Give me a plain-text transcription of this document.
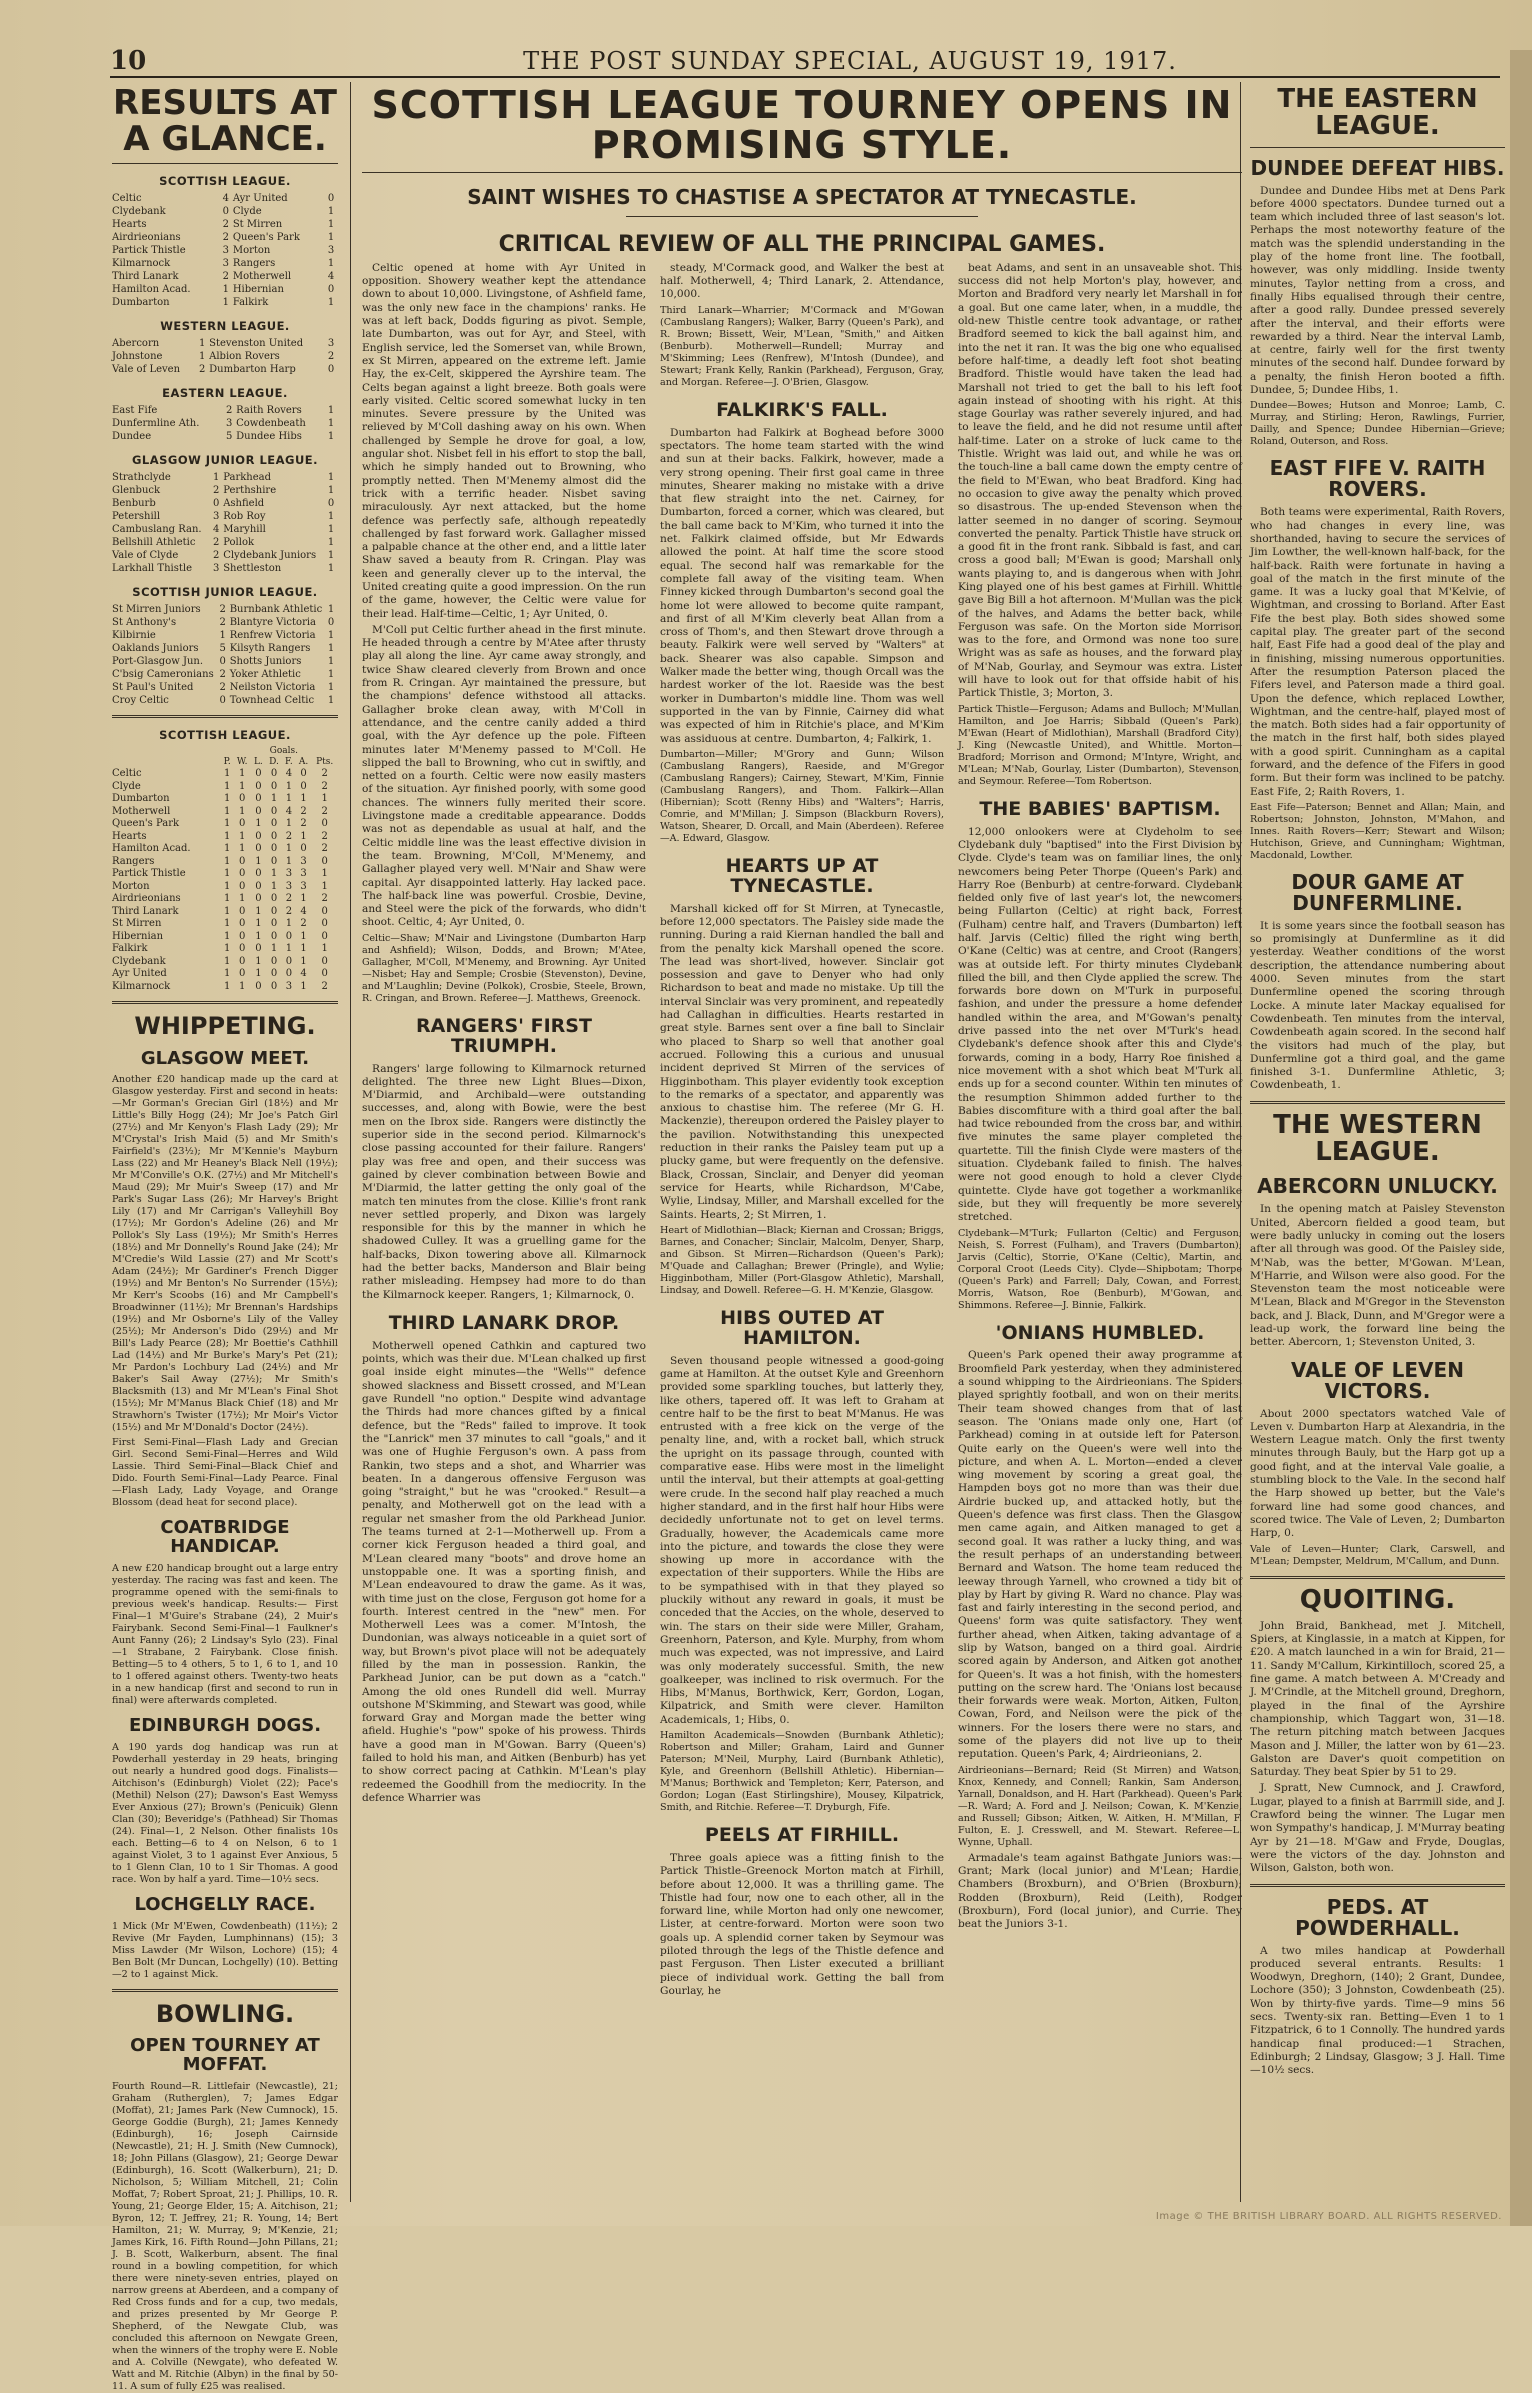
10	THE POST SUNDAY SPECIAL, AUGUST 19, 1917.
RESULTS AT A GLANCE.
SCOTTISH LEAGUE.
Celtic	4	Ayr United	0
Clydebank	0	Clyde	1
Hearts	2	St Mirren	1
Airdrieonians	2	Queen's Park	1
Partick Thistle	3	Morton	3
Kilmarnock	3	Rangers	1
Third Lanark	2	Motherwell	4
Hamilton Acad.	1	Hibernian	0
Dumbarton	1	Falkirk	1
WESTERN LEAGUE.
Abercorn	1	Stevenston United	3
Johnstone	1	Albion Rovers	2
Vale of Leven	2	Dumbarton Harp	0
EASTERN LEAGUE.
East Fife	2	Raith Rovers	1
Dunfermline Ath.	3	Cowdenbeath	1
Dundee	5	Dundee Hibs	1
GLASGOW JUNIOR LEAGUE.
Strathclyde	1	Parkhead	1
Glenbuck	2	Perthshire	1
Benburb	0	Ashfield	0
Petershill	3	Rob Roy	1
Cambuslang Ran.	4	Maryhill	1
Bellshill Athletic	2	Pollok	1
Vale of Clyde	2	Clydebank Juniors	1
Larkhall Thistle	3	Shettleston	1
SCOTTISH JUNIOR LEAGUE.
St Mirren Juniors	2	Burnbank Athletic	1
St Anthony's	2	Blantyre Victoria	0
Kilbirnie	1	Renfrew Victoria	1
Oaklands Juniors	5	Kilsyth Rangers	1
Port-Glasgow Jun.	0	Shotts Juniors	1
C'bsig Cameronians	2	Yoker Athletic	1
St Paul's United	2	Neilston Victoria	1
Croy Celtic	0	Townhead Celtic	1
SCOTTISH LEAGUE.
Goals.
	P.	W.	L.	D.	F.	A.	Pts.
Celtic	1	1	0	0	4	0	2
Clyde	1	1	0	0	1	0	2
Dumbarton	1	0	0	1	1	1	1
Motherwell	1	1	0	0	4	2	2
Queen's Park	1	0	1	0	1	2	0
Hearts	1	1	0	0	2	1	2
Hamilton Acad.	1	1	0	0	1	0	2
Rangers	1	0	1	0	1	3	0
Partick Thistle	1	0	0	1	3	3	1
Morton	1	0	0	1	3	3	1
Airdrieonians	1	1	0	0	2	1	2
Third Lanark	1	0	1	0	2	4	0
St Mirren	1	0	1	0	1	2	0
Hibernian	1	0	1	0	0	1	0
Falkirk	1	0	0	1	1	1	1
Clydebank	1	0	1	0	0	1	0
Ayr United	1	0	1	0	0	4	0
Kilmarnock	1	1	0	0	3	1	2
WHIPPETING.
GLASGOW MEET.

Another £20 handicap made up the card at Glasgow yesterday. First and second in heats:—Mr Gorman's Grecian Girl (18½) and Mr Little's Billy Hogg (24); Mr Joe's Patch Girl (27½) and Mr Kenyon's Flash Lady (29); Mr M'Crystal's Irish Maid (5) and Mr Smith's Fairfield's (23½); Mr M'Kennie's Mayburn Lass (22) and Mr Heaney's Black Nell (19½); Mr M'Conville's O.K. (27½) and Mr Mitchell's Maud (29); Mr Muir's Sweep (17) and Mr Park's Sugar Lass (26); Mr Harvey's Bright Lily (17) and Mr Carrigan's Valleyhill Boy (17½); Mr Gordon's Adeline (26) and Mr Pollok's Sly Lass (19½); Mr Smith's Herres (18½) and Mr Donnelly's Round Jake (24); Mr M'Credie's Wild Lassie (27) and Mr Scott's Adam (24½); Mr Gardiner's French Digger (19½) and Mr Benton's No Surrender (15½); Mr Kerr's Scoobs (16) and Mr Campbell's Broadwinner (11½); Mr Brennan's Hardships (19½) and Mr Osborne's Lily of the Valley (25½); Mr Anderson's Dido (29½) and Mr Bill's Lady Pearce (28); Mr Boettie's Cathhill Lad (14½) and Mr Burke's Mary's Pet (21); Mr Pardon's Lochbury Lad (24½) and Mr Baker's Sail Away (27½); Mr Smith's Blacksmith (13) and Mr M'Lean's Final Shot (15½); Mr M'Manus Black Chief (18) and Mr Strawhorn's Twister (17½); Mr Moir's Victor (15½) and Mr M'Donald's Doctor (24½).

First Semi-Final—Flash Lady and Grecian Girl. Second Semi-Final—Herres and Wild Lassie. Third Semi-Final—Black Chief and Dido. Fourth Semi-Final—Lady Pearce. Final—Flash Lady, Lady Voyage, and Orange Blossom (dead heat for second place).

COATBRIDGE HANDICAP.

A new £20 handicap brought out a large entry yesterday. The racing was fast and keen. The programme opened with the semi-finals to previous week's handicap. Results:— First Final—1 M'Guire's Strabane (24), 2 Muir's Fairybank. Second Semi-Final—1 Faulkner's Aunt Fanny (26); 2 Lindsay's Sylo (23). Final—1 Strabane, 2 Fairybank. Close finish. Betting—5 to 4 others, 5 to 1, 6 to 1, and 10 to 1 offered against others. Twenty-two heats in a new handicap (first and second to run in final) were afterwards completed.

EDINBURGH DOGS.

A 190 yards dog handicap was run at Powderhall yesterday in 29 heats, bringing out nearly a hundred good dogs. Finalists—Aitchison's (Edinburgh) Violet (22); Pace's (Methil) Nelson (27); Dawson's East Wemyss Ever Anxious (27); Brown's (Penicuik) Glenn Clan (30); Beveridge's (Pathhead) Sir Thomas (24). Final—1, 2 Nelson. Other finalists 10s each. Betting—6 to 4 on Nelson, 6 to 1 against Violet, 3 to 1 against Ever Anxious, 5 to 1 Glenn Clan, 10 to 1 Sir Thomas. A good race. Won by half a yard. Time—10½ secs.

LOCHGELLY RACE.

1 Mick (Mr M'Ewen, Cowdenbeath) (11½); 2 Revive (Mr Fayden, Lumphinnans) (15); 3 Miss Lawder (Mr Wilson, Lochore) (15); 4 Ben Bolt (Mr Duncan, Lochgelly) (10). Betting—2 to 1 against Mick.

BOWLING.
OPEN TOURNEY AT MOFFAT.

Fourth Round—R. Littlefair (Newcastle), 21; Graham (Rutherglen), 7; James Edgar (Moffat), 21; James Park (New Cumnock), 15. George Goddie (Burgh), 21; James Kennedy (Edinburgh), 16; Joseph Cairnside (Newcastle), 21; H. J. Smith (New Cumnock), 18; John Pillans (Glasgow), 21; George Dewar (Edinburgh), 16. Scott (Walkerburn), 21; D. Nicholson, 5; William Mitchell, 21; Colin Moffat, 7; Robert Sproat, 21; J. Phillips, 10. R. Young, 21; George Elder, 15; A. Aitchison, 21; Byron, 12; T. Jeffrey, 21; R. Young, 14; Bert Hamilton, 21; W. Murray, 9; M'Kenzie, 21; James Kirk, 16. Fifth Round—John Pillans, 21; J. B. Scott, Walkerburn, absent. The final round in a bowling competition, for which there were ninety-seven entries, played on narrow greens at Aberdeen, and a company of Red Cross funds and for a cup, two medals, and prizes presented by Mr George P. Shepherd, of the Newgate Club, was concluded this afternoon on Newgate Green, when the winners of the trophy were E. Noble and A. Colville (Newgate), who defeated W. Watt and M. Ritchie (Albyn) in the final by 50-11. A sum of fully £25 was realised.

SCOTTISH LEAGUE TOURNEY OPENS IN PROMISING STYLE.
SAINT WISHES TO CHASTISE A SPECTATOR AT TYNECASTLE.
CRITICAL REVIEW OF ALL THE PRINCIPAL GAMES.

Celtic opened at home with Ayr United in opposition. Showery weather kept the attendance down to about 10,000. Livingstone, of Ashfield fame, was the only new face in the champions' ranks. He was at left back, Dodds figuring as pivot. Semple, late Dumbarton, was out for Ayr, and Steel, with English service, led the Somerset van, while Brown, ex St Mirren, appeared on the extreme left. Jamie Hay, the ex-Celt, skippered the Ayrshire team. The Celts began against a light breeze. Both goals were early visited. Celtic scored somewhat lucky in ten minutes. Severe pressure by the United was relieved by M'Coll dashing away on his own. When challenged by Semple he drove for goal, a low, angular shot. Nisbet fell in his effort to stop the ball, which he simply handed out to Browning, who promptly netted. Then M'Menemy almost did the trick with a terrific header. Nisbet saving miraculously. Ayr next attacked, but the home defence was perfectly safe, although repeatedly challenged by fast forward work. Gallagher missed a palpable chance at the other end, and a little later Shaw saved a beauty from R. Cringan. Play was keen and generally clever up to the interval, the United creating quite a good impression. On the run of the game, however, the Celtic were value for their lead. Half-time—Celtic, 1; Ayr United, 0.

M'Coll put Celtic further ahead in the first minute. He headed through a centre by M'Atee after thrusty play all along the line. Ayr came away strongly, and twice Shaw cleared cleverly from Brown and once from R. Cringan. Ayr maintained the pressure, but the champions' defence withstood all attacks. Gallagher broke clean away, with M'Coll in attendance, and the centre canily added a third goal, with the Ayr defence up the pole. Fifteen minutes later M'Menemy passed to M'Coll. He slipped the ball to Browning, who cut in swiftly, and netted on a fourth. Celtic were now easily masters of the situation. Ayr finished poorly, with some good chances. The winners fully merited their score. Livingstone made a creditable appearance. Dodds was not as dependable as usual at half, and the Celtic middle line was the least effective division in the team. Browning, M'Coll, M'Menemy, and Gallagher played very well. M'Nair and Shaw were capital. Ayr disappointed latterly. Hay lacked pace. The half-back line was powerful. Crosbie, Devine, and Steel were the pick of the forwards, who didn't shoot. Celtic, 4; Ayr United, 0.

Celtic—Shaw; M'Nair and Livingstone (Dumbarton Harp and Ashfield); Wilson, Dodds, and Brown; M'Atee, Gallagher, M'Coll, M'Menemy, and Browning. Ayr United—Nisbet; Hay and Semple; Crosbie (Stevenston), Devine, and M'Laughlin; Devine (Polkok), Crosbie, Steele, Brown, R. Cringan, and Brown. Referee—J. Matthews, Greenock.

RANGERS' FIRST TRIUMPH.

Rangers' large following to Kilmarnock returned delighted. The three new Light Blues—Dixon, M'Diarmid, and Archibald—were outstanding successes, and, along with Bowie, were the best men on the Ibrox side. Rangers were distinctly the superior side in the second period. Kilmarnock's close passing accounted for their failure. Rangers' play was free and open, and their success was gained by clever combination between Bowie and M'Diarmid, the latter getting the only goal of the match ten minutes from the close. Killie's front rank never settled properly, and Dixon was largely responsible for this by the manner in which he shadowed Culley. It was a gruelling game for the half-backs, Dixon towering above all. Kilmarnock had the better backs, Manderson and Blair being rather misleading. Hempsey had more to do than the Kilmarnock keeper. Rangers, 1; Kilmarnock, 0.

THIRD LANARK DROP.

Motherwell opened Cathkin and captured two points, which was their due. M'Lean chalked up first goal inside eight minutes—the "Wells'" defence showed slackness and Bissett crossed, and M'Lean gave Rundell "no option." Despite wind advantage the Thirds had more chances gifted by a finical defence, but the "Reds" failed to improve. It took the "Lanrick" men 37 minutes to call "goals," and it was one of Hughie Ferguson's own. A pass from Rankin, two steps and a shot, and Wharrier was beaten. In a dangerous offensive Ferguson was going "straight," but he was "crooked." Result—a penalty, and Motherwell got on the lead with a regular net smasher from the old Parkhead Junior. The teams turned at 2-1—Motherwell up. From a corner kick Ferguson headed a third goal, and M'Lean cleared many "boots" and drove home an unstoppable one. It was a sporting finish, and M'Lean endeavoured to draw the game. As it was, with time just on the close, Ferguson got home for a fourth. Interest centred in the "new" men. For Motherwell Lees was a comer. M'Intosh, the Dundonian, was always noticeable in a quiet sort of way, but Brown's pivot place will not be adequately filled by the man in possession. Rankin, the Parkhead Junior, can be put down as a "catch." Among the old ones Rundell did well. Murray outshone M'Skimming, and Stewart was good, while forward Gray and Morgan made the better wing afield. Hughie's "pow" spoke of his prowess. Thirds have a good man in M'Gowan. Barry (Queen's) failed to hold his man, and Aitken (Benburb) has yet to show correct pacing at Cathkin. M'Lean's play redeemed the Goodhill from the mediocrity. In the defence Wharrier was

steady, M'Cormack good, and Walker the best at half. Motherwell, 4; Third Lanark, 2. Attendance, 10,000.

Third Lanark—Wharrier; M'Cormack and M'Gowan (Cambuslang Rangers); Walker, Barry (Queen's Park), and R. Brown; Bissett, Weir, M'Lean, "Smith," and Aitken (Benburb). Motherwell—Rundell; Murray and M'Skimming; Lees (Renfrew), M'Intosh (Dundee), and Stewart; Frank Kelly, Rankin (Parkhead), Ferguson, Gray, and Morgan. Referee—J. O'Brien, Glasgow.

FALKIRK'S FALL.

Dumbarton had Falkirk at Boghead before 3000 spectators. The home team started with the wind and sun at their backs. Falkirk, however, made a very strong opening. Their first goal came in three minutes, Shearer making no mistake with a drive that flew straight into the net. Cairney, for Dumbarton, forced a corner, which was cleared, but the ball came back to M'Kim, who turned it into the net. Falkirk claimed offside, but Mr Edwards allowed the point. At half time the score stood equal. The second half was remarkable for the complete fall away of the visiting team. When Finney kicked through Dumbarton's second goal the home lot were allowed to become quite rampant, and first of all M'Kim cleverly beat Allan from a cross of Thom's, and then Stewart drove through a beauty. Falkirk were well served by "Walters" at back. Shearer was also capable. Simpson and Walker made the better wing, though Orcall was the hardest worker of the lot. Raeside was the best worker in Dumbarton's middle line. Thom was well supported in the van by Finnie, Cairney did what was expected of him in Ritchie's place, and M'Kim was assiduous at centre. Dumbarton, 4; Falkirk, 1.

Dumbarton—Miller; M'Grory and Gunn; Wilson (Cambuslang Rangers), Raeside, and M'Gregor (Cambuslang Rangers); Cairney, Stewart, M'Kim, Finnie (Cambuslang Rangers), and Thom. Falkirk—Allan (Hibernian); Scott (Renny Hibs) and "Walters"; Harris, Comrie, and M'Millan; J. Simpson (Blackburn Rovers), Watson, Shearer, D. Orcall, and Main (Aberdeen). Referee—A. Edward, Glasgow.

HEARTS UP AT TYNECASTLE.

Marshall kicked off for St Mirren, at Tynecastle, before 12,000 spectators. The Paisley side made the running. During a raid Kiernan handled the ball and from the penalty kick Marshall opened the score. The lead was short-lived, however. Sinclair got possession and gave to Denyer who had only Richardson to beat and made no mistake. Up till the interval Sinclair was very prominent, and repeatedly had Callaghan in difficulties. Hearts restarted in great style. Barnes sent over a fine ball to Sinclair who placed to Sharp so well that another goal accrued. Following this a curious and unusual incident deprived St Mirren of the services of Higginbotham. This player evidently took exception to the remarks of a spectator, and apparently was anxious to chastise him. The referee (Mr G. H. Mackenzie), thereupon ordered the Paisley player to the pavilion. Notwithstanding this unexpected reduction in their ranks the Paisley team put up a plucky game, but were frequently on the defensive. Black, Crossan, Sinclair, and Denyer did yeoman service for Hearts, while Richardson, M'Cabe, Wylie, Lindsay, Miller, and Marshall excelled for the Saints. Hearts, 2; St Mirren, 1.

Heart of Midlothian—Black; Kiernan and Crossan; Briggs, Barnes, and Conacher; Sinclair, Malcolm, Denyer, Sharp, and Gibson. St Mirren—Richardson (Queen's Park); M'Quade and Callaghan; Brewer (Pringle), and Wylie; Higginbotham, Miller (Port-Glasgow Athletic), Marshall, Lindsay, and Dowell. Referee—G. H. M'Kenzie, Glasgow.

HIBS OUTED AT HAMILTON.

Seven thousand people witnessed a good-going game at Hamilton. At the outset Kyle and Greenhorn provided some sparkling touches, but latterly they, like others, tapered off. It was left to Graham at centre half to be the first to beat M'Manus. He was entrusted with a free kick on the verge of the penalty line, and, with a rocket ball, which struck the upright on its passage through, counted with comparative ease. Hibs were most in the limelight until the interval, but their attempts at goal-getting were crude. In the second half play reached a much higher standard, and in the first half hour Hibs were decidedly unfortunate not to get on level terms. Gradually, however, the Academicals came more into the picture, and towards the close they were showing up more in accordance with the expectation of their supporters. While the Hibs are to be sympathised with in that they played so pluckily without any reward in goals, it must be conceded that the Accies, on the whole, deserved to win. The stars on their side were Miller, Graham, Greenhorn, Paterson, and Kyle. Murphy, from whom much was expected, was not impressive, and Laird was only moderately successful. Smith, the new goalkeeper, was inclined to risk overmuch. For the Hibs, M'Manus, Borthwick, Kerr, Gordon, Logan, Kilpatrick, and Smith were clever. Hamilton Academicals, 1; Hibs, 0.

Hamilton Academicals—Snowden (Burnbank Athletic); Robertson and Miller; Graham, Laird and Gunner Paterson; M'Neil, Murphy, Laird (Burnbank Athletic), Kyle, and Greenhorn (Bellshill Athletic). Hibernian—M'Manus; Borthwick and Templeton; Kerr, Paterson, and Gordon; Logan (East Stirlingshire), Mousey, Kilpatrick, Smith, and Ritchie. Referee—T. Dryburgh, Fife.

PEELS AT FIRHILL.

Three goals apiece was a fitting finish to the Partick Thistle–Greenock Morton match at Firhill, before about 12,000. It was a thrilling game. The Thistle had four, now one to each other, all in the forward line, while Morton had only one newcomer, Lister, at centre-forward. Morton were soon two goals up. A splendid corner taken by Seymour was piloted through the legs of the Thistle defence and past Ferguson. Then Lister executed a brilliant piece of individual work. Getting the ball from Gourlay, he

beat Adams, and sent in an unsaveable shot. This success did not help Morton's play, however, and Morton and Bradford very nearly let Marshall in for a goal. But one came later, when, in a muddle, the old-new Thistle centre took advantage, or rather Bradford seemed to kick the ball against him, and into the net it ran. It was the big one who equalised before half-time, a deadly left foot shot beating Bradford. Thistle would have taken the lead had Marshall not tried to get the ball to his left foot again instead of shooting with his right. At this stage Gourlay was rather severely injured, and had to leave the field, and he did not resume until after half-time. Later on a stroke of luck came to the Thistle. Wright was laid out, and while he was on the touch-line a ball came down the empty centre of the field to M'Ewan, who beat Bradford. King had no occasion to give away the penalty which proved so disastrous. The up-ended Stevenson when the latter seemed in no danger of scoring. Seymour converted the penalty. Partick Thistle have struck on a good fit in the front rank. Sibbald is fast, and can cross a good ball; M'Ewan is good; Marshall only wants playing to, and is dangerous when with John King played one of his best games at Firhill. Whittle gave Big Bill a hot afternoon. M'Mullan was the pick of the halves, and Adams the better back, while Ferguson was safe. On the Morton side Morrison was to the fore, and Ormond was none too sure. Wright was as safe as houses, and the forward play of M'Nab, Gourlay, and Seymour was extra. Lister will have to look out for that offside habit of his. Partick Thistle, 3; Morton, 3.

Partick Thistle—Ferguson; Adams and Bulloch; M'Mullan, Hamilton, and Joe Harris; Sibbald (Queen's Park), M'Ewan (Heart of Midlothian), Marshall (Bradford City), J. King (Newcastle United), and Whittle. Morton—Bradford; Morrison and Ormond; M'Intyre, Wright, and M'Lean; M'Nab, Gourlay, Lister (Dumbarton), Stevenson, and Seymour. Referee—Tom Robertson.

THE BABIES' BAPTISM.

12,000 onlookers were at Clydeholm to see Clydebank duly "baptised" into the First Division by Clyde. Clyde's team was on familiar lines, the only newcomers being Peter Thorpe (Queen's Park) and Harry Roe (Benburb) at centre-forward. Clydebank fielded only five of last year's lot, the newcomers being Fullarton (Celtic) at right back, Forrest (Fulham) centre half, and Travers (Dumbarton) left half. Jarvis (Celtic) filled the right wing berth, O'Kane (Celtic) was at centre, and Croot (Rangers) was at outside left. For thirty minutes Clydebank filled the bill, and then Clyde applied the screw. The forwards bore down on M'Turk in purposeful fashion, and under the pressure a home defender handled within the area, and M'Gowan's penalty drive passed into the net over M'Turk's head. Clydebank's defence shook after this and Clyde's forwards, coming in a body, Harry Roe finished a nice movement with a shot which beat M'Turk all ends up for a second counter. Within ten minutes of the resumption Shimmon added further to the Babies discomfiture with a third goal after the ball had twice rebounded from the cross bar, and within five minutes the same player completed the quartette. Till the finish Clyde were masters of the situation. Clydebank failed to finish. The halves were not good enough to hold a clever Clyde quintette. Clyde have got together a workmanlike side, but they will frequently be more severely stretched.

Clydebank—M'Turk; Fullarton (Celtic) and Ferguson; Neish, S. Forrest (Fulham), and Travers (Dumbarton); Jarvis (Celtic), Storrie, O'Kane (Celtic), Martin, and Corporal Croot (Leeds City). Clyde—Shipbotam; Thorpe (Queen's Park) and Farrell; Daly, Cowan, and Forrest; Morris, Watson, Roe (Benburb), M'Gowan, and Shimmons. Referee—J. Binnie, Falkirk.

'ONIANS HUMBLED.

Queen's Park opened their away programme at Broomfield Park yesterday, when they administered a sound whipping to the Airdrieonians. The Spiders played sprightly football, and won on their merits. Their team showed changes from that of last season. The 'Onians made only one, Hart (of Parkhead) coming in at outside left for Paterson. Quite early on the Queen's were well into the picture, and when A. L. Morton—ended a clever wing movement by scoring a great goal, the Hampden boys got no more than was their due. Airdrie bucked up, and attacked hotly, but the Queen's defence was first class. Then the Glasgow men came again, and Aitken managed to get a second goal. It was rather a lucky thing, and was the result perhaps of an understanding between Bernard and Watson. The home team reduced the leeway through Yarnell, who crowned a tidy bit of play by Hart by giving R. Ward no chance. Play was fast and fairly interesting in the second period, and Queens' form was quite satisfactory. They went further ahead, when Aitken, taking advantage of a slip by Watson, banged on a third goal. Airdrie scored again by Anderson, and Aitken got another for Queen's. It was a hot finish, with the homesters putting on the screw hard. The 'Onians lost because their forwards were weak. Morton, Aitken, Fulton, Cowan, Ford, and Neilson were the pick of the winners. For the losers there were no stars, and some of the players did not live up to their reputation. Queen's Park, 4; Airdrieonians, 2.

Airdrieonians—Bernard; Reid (St Mirren) and Watson; Knox, Kennedy, and Connell; Rankin, Sam Anderson, Yarnall, Donaldson, and H. Hart (Parkhead). Queen's Park—R. Ward; A. Ford and J. Neilson; Cowan, K. M'Kenzie, and Russell; Gibson; Aitken, W. Aitken, H. M'Millan, F. Fulton, E. J. Cresswell, and M. Stewart. Referee—L. Wynne, Uphall.

Armadale's team against Bathgate Juniors was:—Grant; Mark (local junior) and M'Lean; Hardie, Chambers (Broxburn), and O'Brien (Broxburn); Rodden (Broxburn), Reid (Leith), Rodger (Broxburn), Ford (local junior), and Currie. They beat the Juniors 3-1.

THE EASTERN LEAGUE.
DUNDEE DEFEAT HIBS.

Dundee and Dundee Hibs met at Dens Park before 4000 spectators. Dundee turned out a team which included three of last season's lot. Perhaps the most noteworthy feature of the match was the splendid understanding in the play of the home front line. The football, however, was only middling. Inside twenty minutes, Taylor netting from a cross, and finally Hibs equalised through their centre, after a good rally. Dundee pressed severely after the interval, and their efforts were rewarded by a third. Near the interval Lamb, at centre, fairly well for the first twenty minutes of the second half. Dundee forward by a penalty, the finish Heron booted a fifth. Dundee, 5; Dundee Hibs, 1.

Dundee—Bowes; Hutson and Monroe; Lamb, C. Murray, and Stirling; Heron, Rawlings, Furrier, Dailly, and Spence; Dundee Hibernian—Grieve; Roland, Outerson, and Ross.

EAST FIFE V. RAITH ROVERS.

Both teams were experimental, Raith Rovers, who had changes in every line, was shorthanded, having to secure the services of Jim Lowther, the well-known half-back, for the half-back. Raith were fortunate in having a goal of the match in the first minute of the game. It was a lucky goal that M'Kelvie, of Wightman, and crossing to Borland. After East Fife the best play. Both sides showed some capital play. The greater part of the second half, East Fife had a good deal of the play and in finishing, missing numerous opportunities. After the resumption Paterson placed the Fifers level, and Paterson made a third goal. Upon the defence, which replaced Lowther, Wightman, and the centre-half, played most of the match. Both sides had a fair opportunity of the match in the first half, both sides played with a good spirit. Cunningham as a capital forward, and the defence of the Fifers in good form. But their form was inclined to be patchy. East Fife, 2; Raith Rovers, 1.

East Fife—Paterson; Bennet and Allan; Main, and Robertson; Johnston, Johnston, M'Mahon, and Innes. Raith Rovers—Kerr; Stewart and Wilson; Hutchison, Grieve, and Cunningham; Wightman, Macdonald, Lowther.

DOUR GAME AT DUNFERMLINE.

It is some years since the football season has so promisingly at Dunfermline as it did yesterday. Weather conditions of the worst description, the attendance numbering about 4000. Seven minutes from the start Dunfermline opened the scoring through Locke. A minute later Mackay equalised for Cowdenbeath. Ten minutes from the interval, Cowdenbeath again scored. In the second half the visitors had much of the play, but Dunfermline got a third goal, and the game finished 3-1. Dunfermline Athletic, 3; Cowdenbeath, 1.

THE WESTERN LEAGUE.
ABERCORN UNLUCKY.

In the opening match at Paisley Stevenston United, Abercorn fielded a good team, but were badly unlucky in coming out the losers after all through was good. Of the Paisley side, M'Nab, was the better, M'Gowan. M'Lean, M'Harrie, and Wilson were also good. For the Stevenston team the most noticeable were M'Lean, Black and M'Gregor in the Stevenston back, and J. Black, Dunn, and M'Gregor were a lead-up work, the forward line being the better. Abercorn, 1; Stevenston United, 3.

VALE OF LEVEN VICTORS.

About 2000 spectators watched Vale of Leven v. Dumbarton Harp at Alexandria, in the Western League match. Only the first twenty minutes through Bauly, but the Harp got up a good fight, and at the interval Vale goalie, a stumbling block to the Vale. In the second half the Harp showed up better, but the Vale's forward line had some good chances, and scored twice. The Vale of Leven, 2; Dumbarton Harp, 0.

Vale of Leven—Hunter; Clark, Carswell, and M'Lean; Dempster, Meldrum, M'Callum, and Dunn.

QUOITING.

John Braid, Bankhead, met J. Mitchell, Spiers, at Kinglassie, in a match at Kippen, for £20. A match launched in a win for Braid, 21—11. Sandy M'Callum, Kirkintilloch, scored 25, a fine game. A match between A. M'Cready and J. M'Crindle, at the Mitchell ground, Dreghorn, played in the final of the Ayrshire championship, which Taggart won, 31—18. The return pitching match between Jacques Mason and J. Miller, the latter won by 61—23. Galston are Daver's quoit competition on Saturday. They beat Spier by 51 to 29.

J. Spratt, New Cumnock, and J. Crawford, Lugar, played to a finish at Barrmill side, and J. Crawford being the winner. The Lugar men won Sympathy's handicap, J. M'Murray beating Ayr by 21—18. M'Gaw and Fryde, Douglas, were the victors of the day. Johnston and Wilson, Galston, both won.

PEDS. AT POWDERHALL.

A two miles handicap at Powderhall produced several entrants. Results: 1 Woodwyn, Dreghorn, (140); 2 Grant, Dundee, Lochore (350); 3 Johnston, Cowdenbeath (25). Won by thirty-five yards. Time—9 mins 56 secs. Twenty-six ran. Betting—Even 1 to 1 Fitzpatrick, 6 to 1 Connolly. The hundred yards handicap final produced:—1 Strachen, Edinburgh; 2 Lindsay, Glasgow; 3 J. Hall. Time—10½ secs.

Image © THE BRITISH LIBRARY BOARD. ALL RIGHTS RESERVED.
